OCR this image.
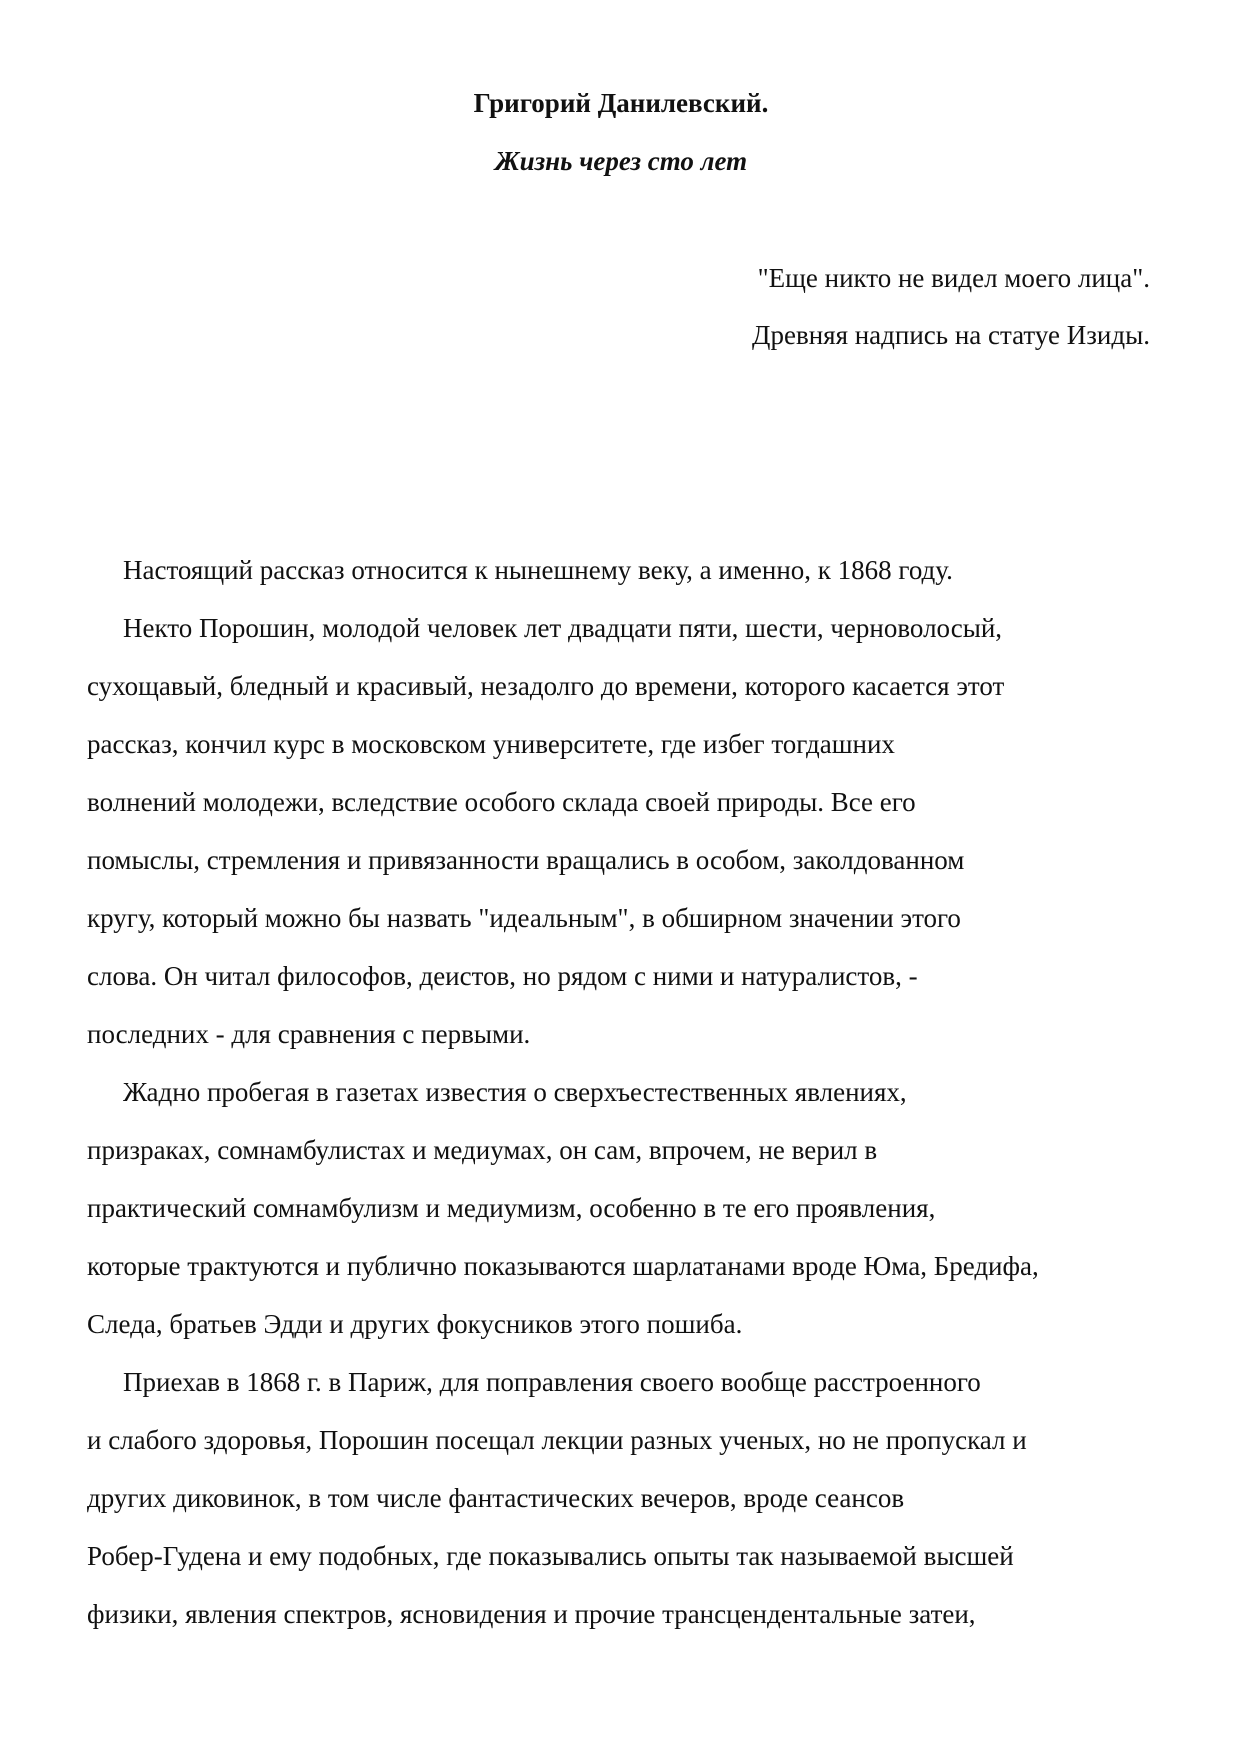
Григорий Данилевский.
Жизнь через сто лет
"Еще никто не видел моего лица".
Древняя надпись на статуе Изиды.
Настоящий рассказ относится к нынешнему веку, а именно, к 1868 году.
Некто Порошин, молодой человек лет двадцати пяти, шести, черноволосый,
сухощавый, бледный и красивый, незадолго до времени, которого касается этот
рассказ, кончил курс в московском университете, где избег тогдашних
волнений молодежи, вследствие особого склада своей природы. Все его
помыслы, стремления и привязанности вращались в особом, заколдованном
кругу, который можно бы назвать "идеальным", в обширном значении этого
слова. Он читал философов, деистов, но рядом с ними и натуралистов, -
последних - для сравнения с первыми.
Жадно пробегая в газетах известия о сверхъестественных явлениях,
призраках, сомнамбулистах и медиумах, он сам, впрочем, не верил в
практический сомнамбулизм и медиумизм, особенно в те его проявления,
которые трактуются и публично показываются шарлатанами вроде Юма, Бредифа,
Следа, братьев Эдди и других фокусников этого пошиба.
Приехав в 1868 г. в Париж, для поправления своего вообще расстроенного
и слабого здоровья, Порошин посещал лекции разных ученых, но не пропускал и
других диковинок, в том числе фантастических вечеров, вроде сеансов
Робер-Гудена и ему подобных, где показывались опыты так называемой высшей
физики, явления спектров, ясновидения и прочие трансцендентальные затеи,
